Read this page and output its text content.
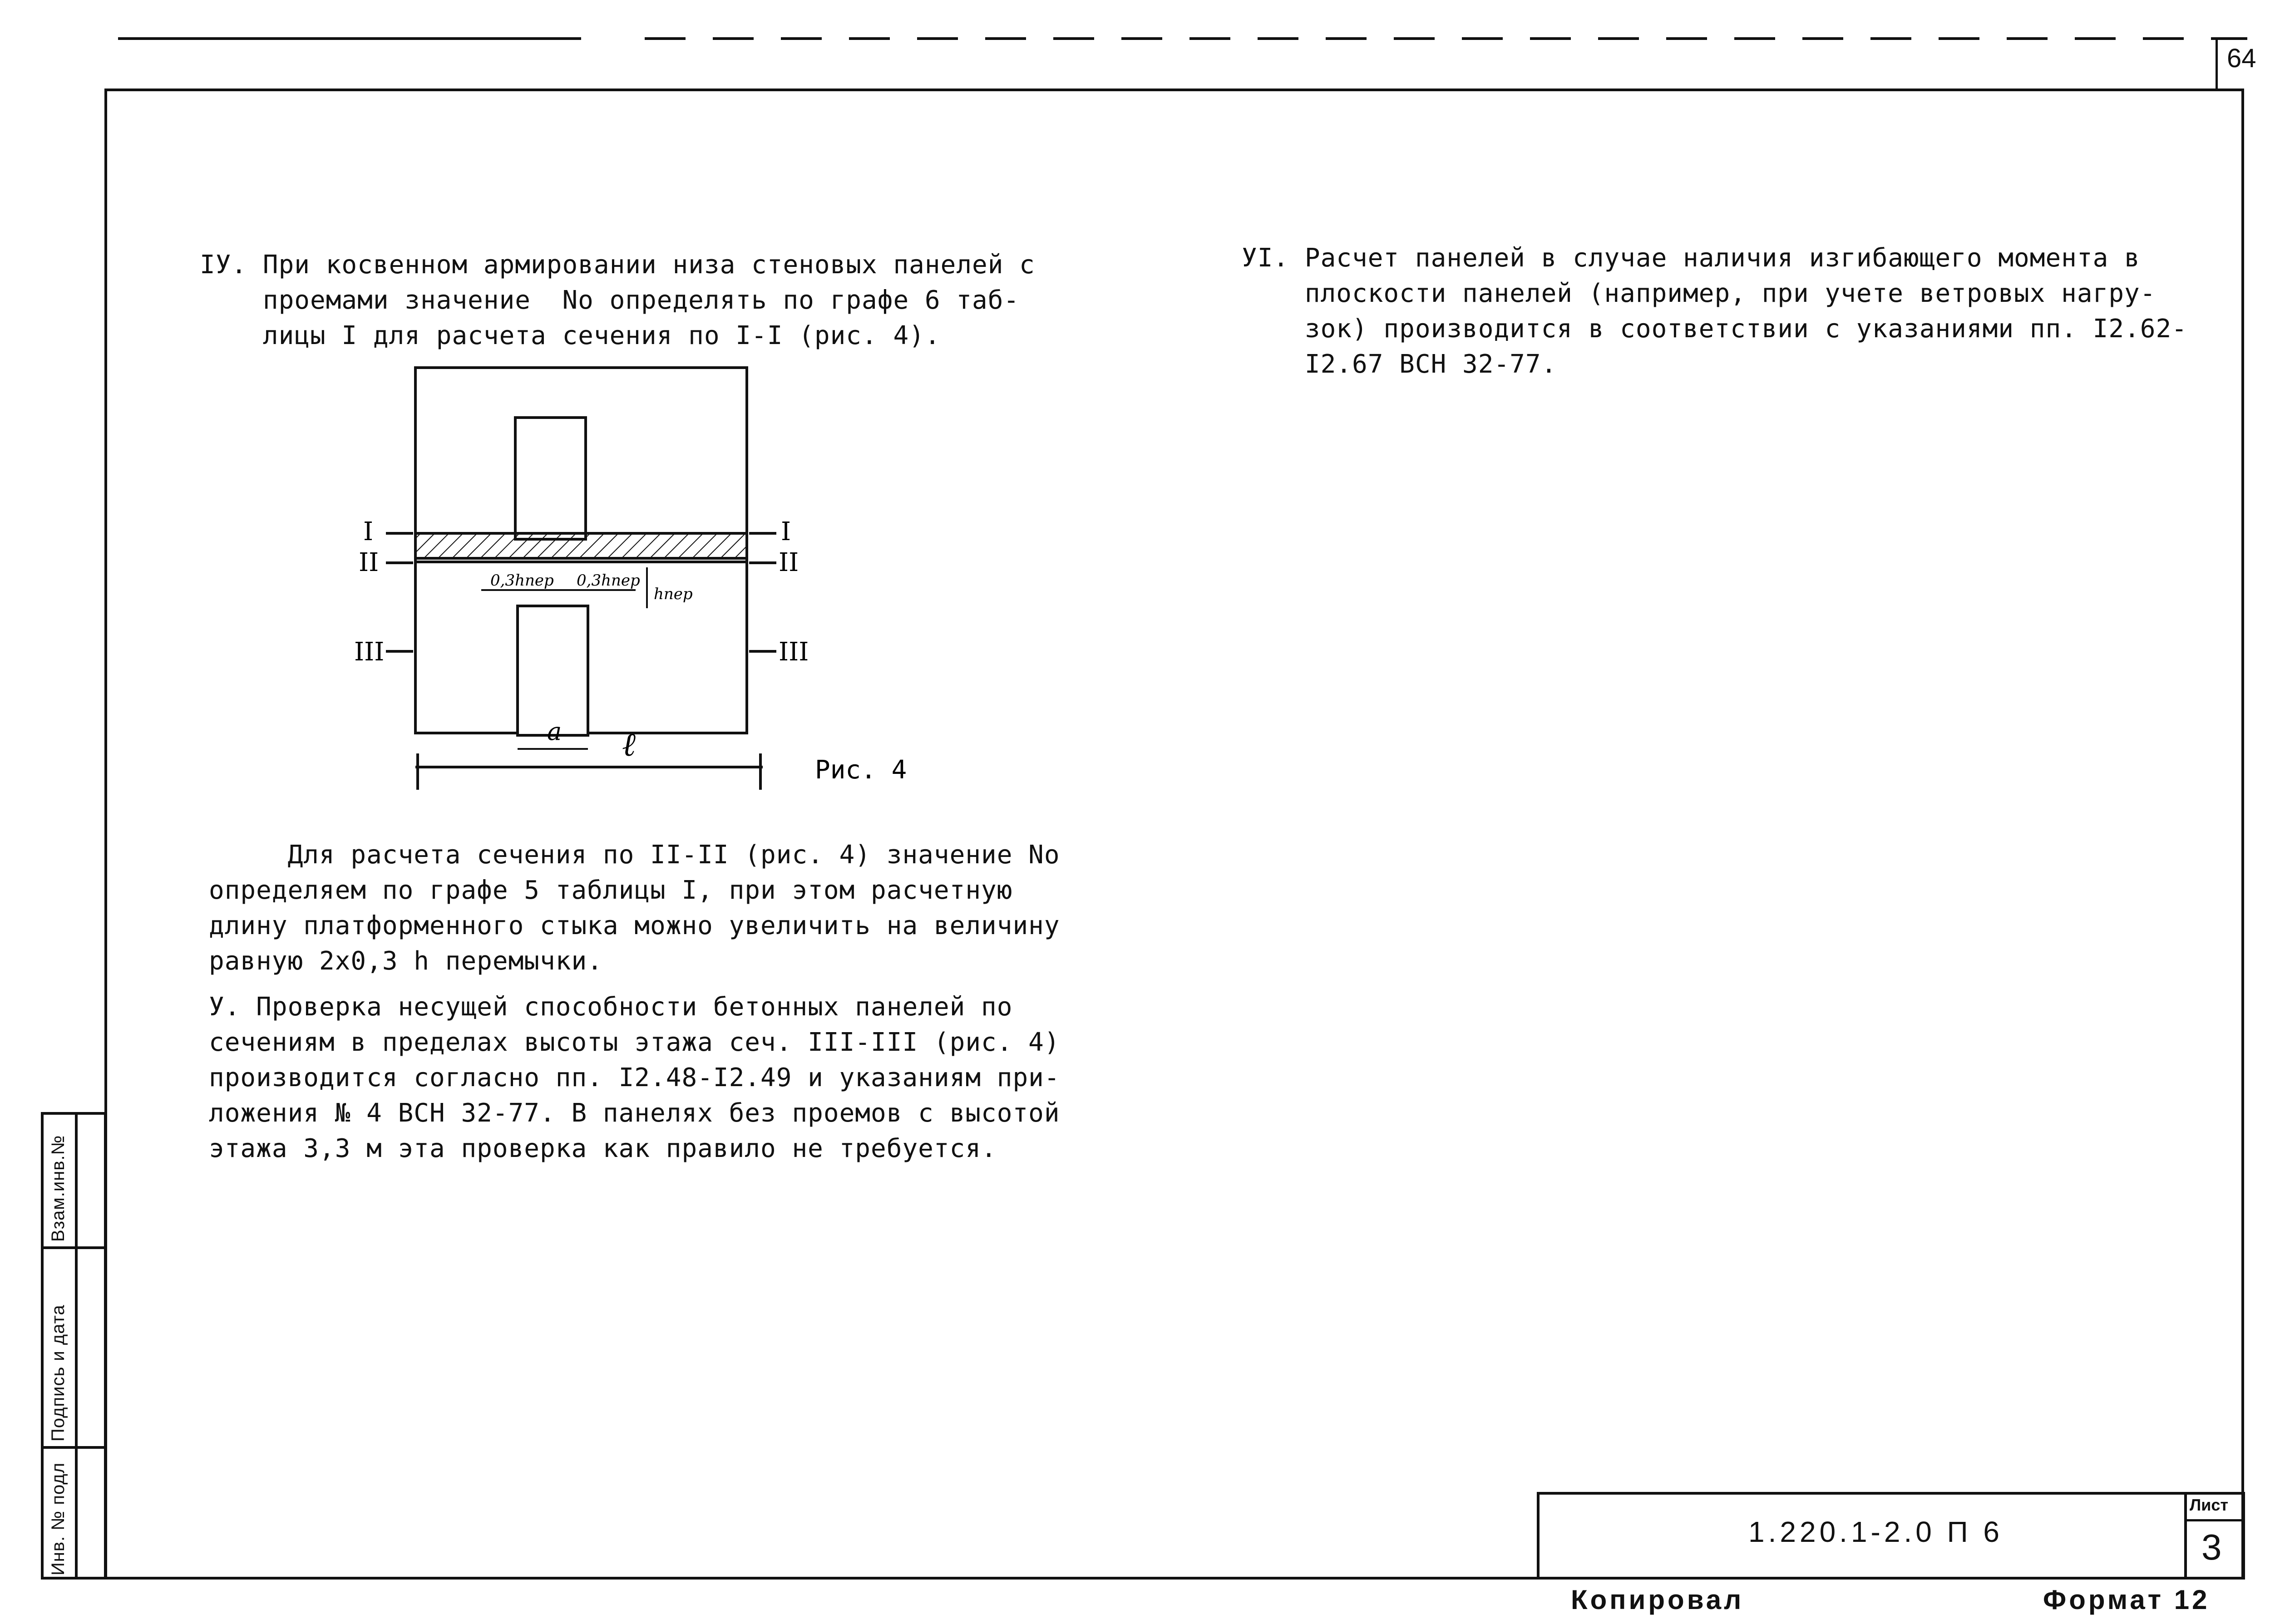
64
IУ. При косвенном армировании низа стеновых панелей с
проемами значение  Nо определять по графе 6 таб-
лицы I для расчета сечения по I-I (рис. 4).
УI. Расчет панелей в случае наличия изгибающего момента в
плоскости панелей (например, при учете ветровых нагру-
зок) производится в соответствии с указаниями пп. I2.62-
I2.67 ВСН 32-77.
I
II
III
I
II
III
0,3hпер 0,3hпер
hпер
a ℓ
Рис. 4
Для расчета сечения по II-II (рис. 4) значение Nо
определяем по графе 5 таблицы I, при этом расчетную
длину платформенного стыка можно увеличить на величину
равную 2х0,3 h перемычки.
У. Проверка несущей способности бетонных панелей по
сечениям в пределах высоты этажа сеч. III-III (рис. 4)
производится согласно пп. I2.48-I2.49 и указаниям при-
ложения № 4 ВСН 32-77. В панелях без проемов с высотой
этажа 3,3 м эта проверка как правило не требуется.
Инв. № подл
Подпись и дата
Взам.инв.№
1.220.1-2.0 П 6
Лист
3
Копировал	Формат 12
